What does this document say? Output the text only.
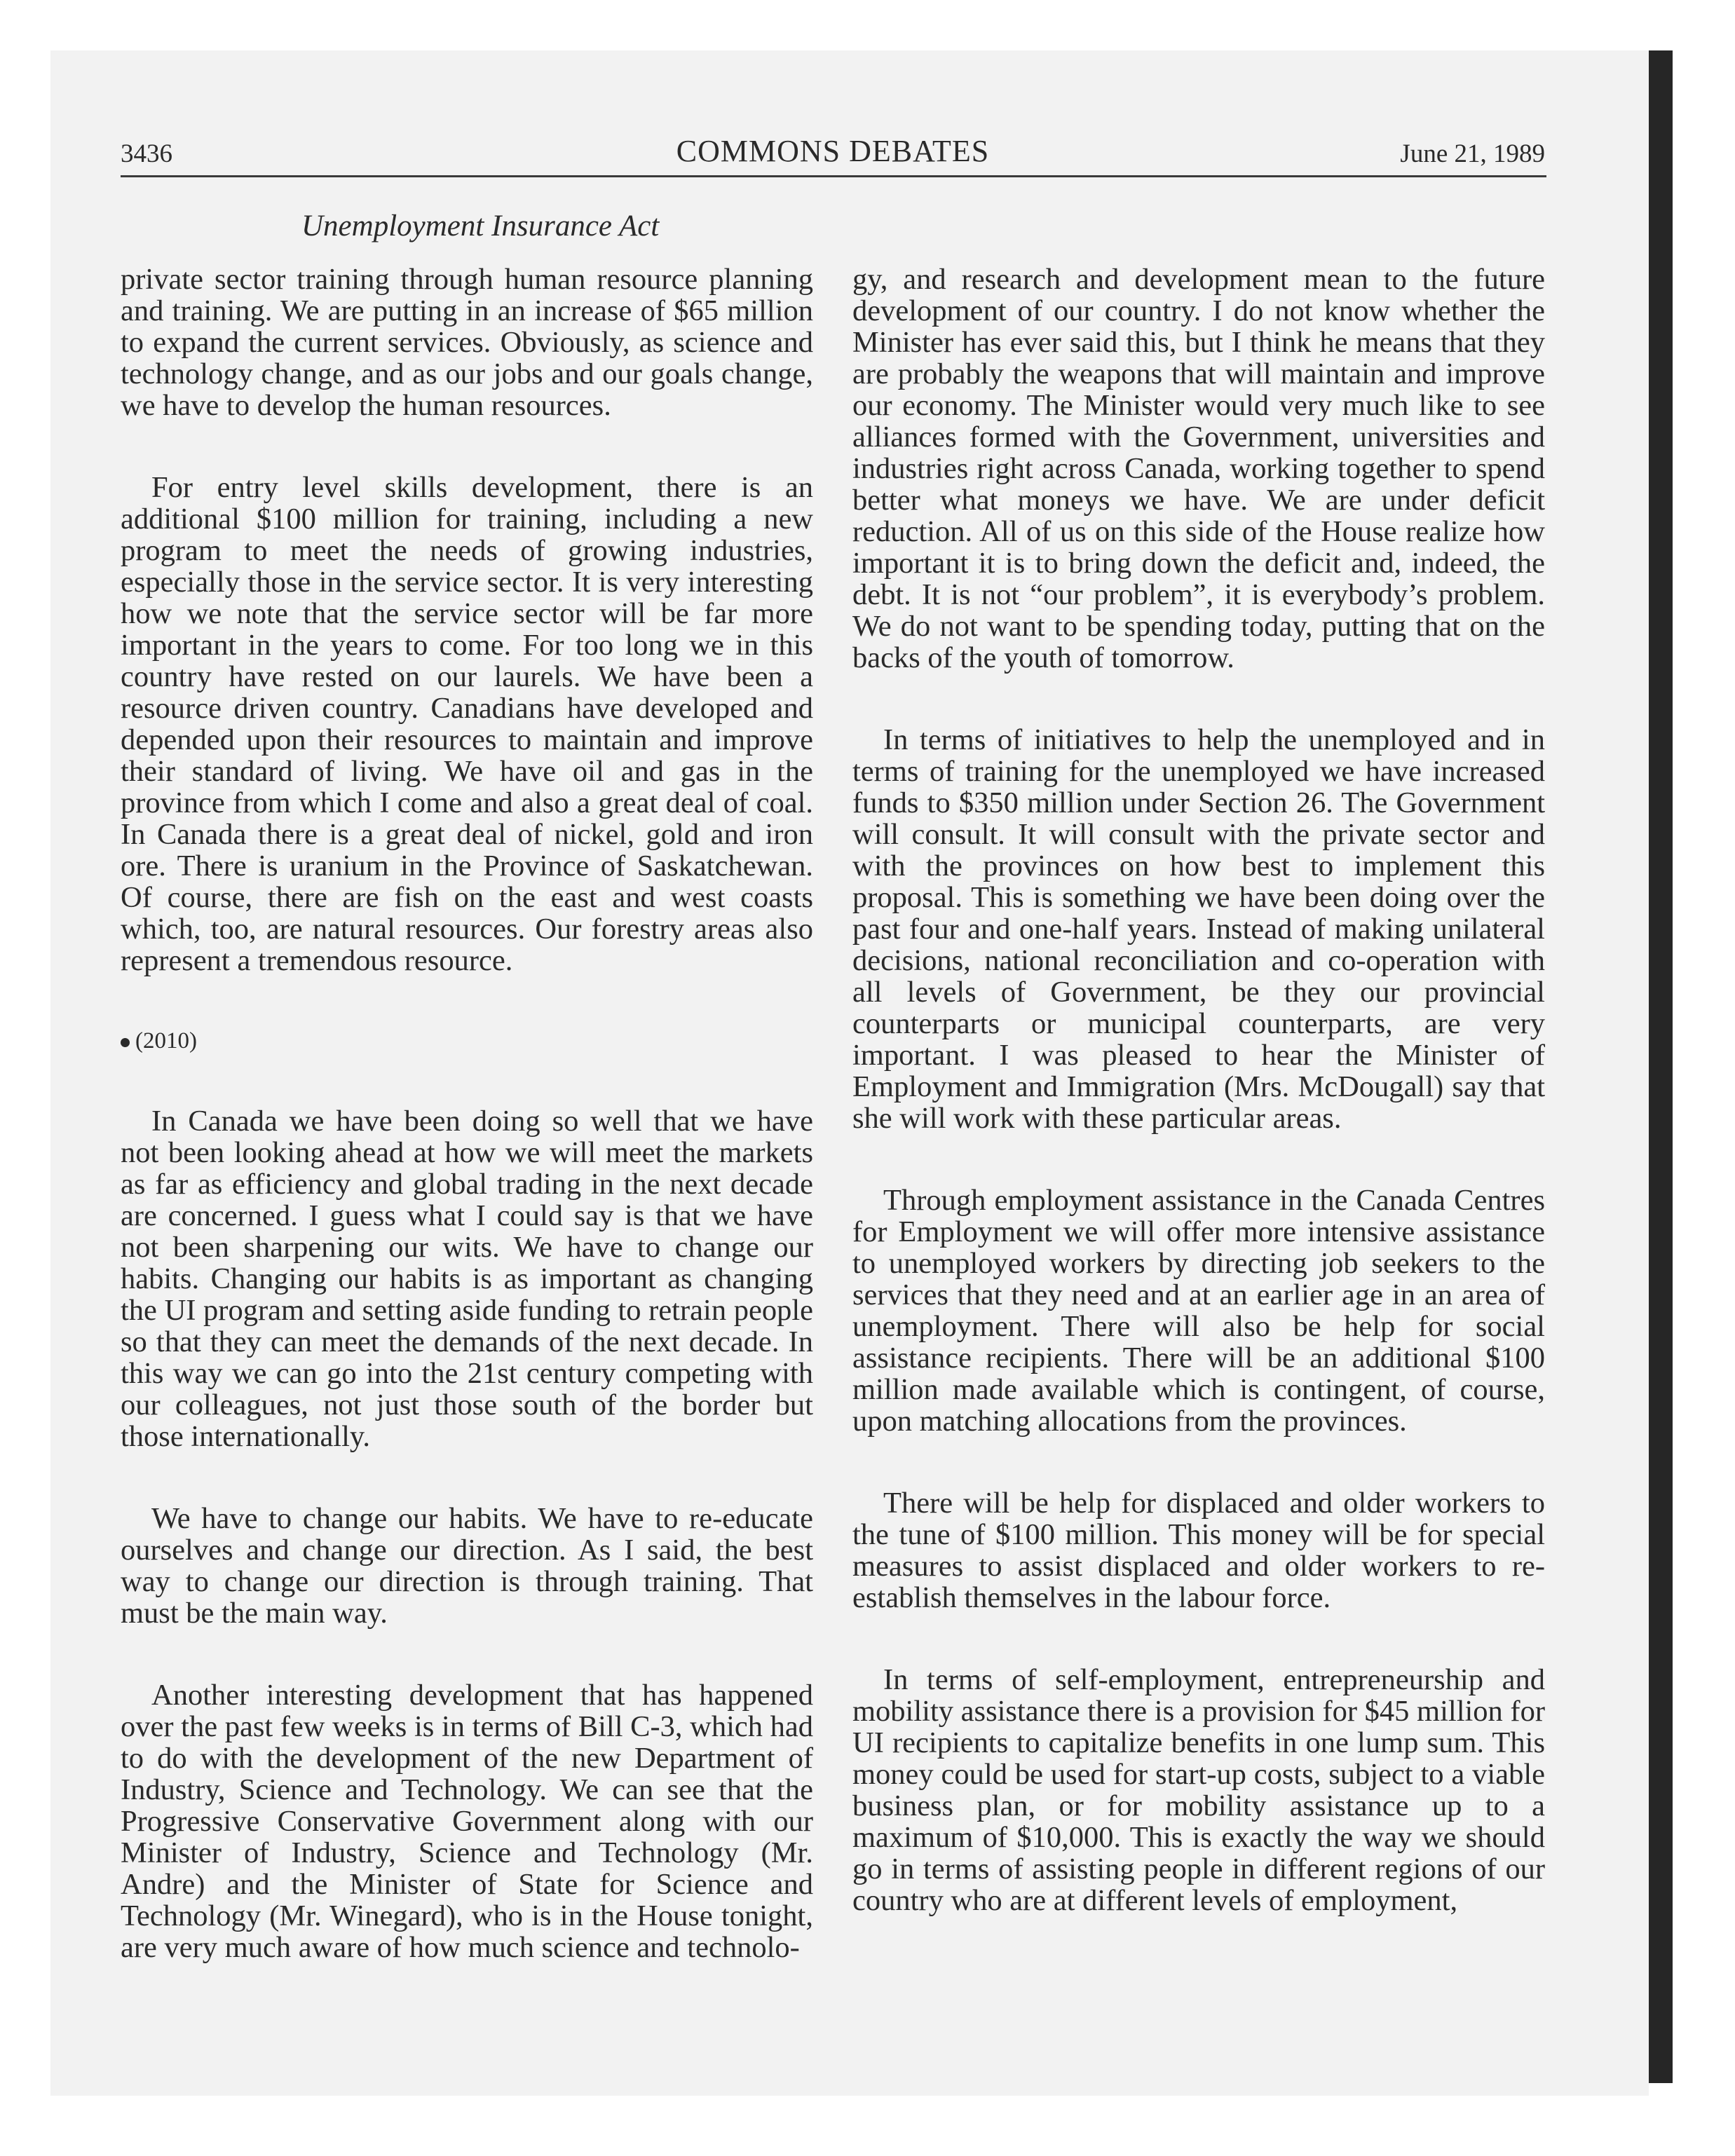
3436	COMMONS DEBATES	June 21, 1989
Unemployment Insurance Act

private sector training through human resource planning and training. We are putting in an increase of $65 million to expand the current services. Obviously, as science and technology change, and as our jobs and our goals change, we have to develop the human resources.

For entry level skills development, there is an additional $100 million for training, including a new program to meet the needs of growing industries, especially those in the service sector. It is very interesting how we note that the service sector will be far more important in the years to come. For too long we in this country have rested on our laurels. We have been a resource driven country. Canadians have developed and depended upon their resources to maintain and improve their standard of living. We have oil and gas in the province from which I come and also a great deal of coal. In Canada there is a great deal of nickel, gold and iron ore. There is uranium in the Province of Saskatchewan. Of course, there are fish on the east and west coasts which, too, are natural resources. Our forestry areas also represent a tremendous resource.

(2010)

In Canada we have been doing so well that we have not been looking ahead at how we will meet the markets as far as efficiency and global trading in the next decade are concerned. I guess what I could say is that we have not been sharpening our wits. We have to change our habits. Changing our habits is as important as changing the UI program and setting aside funding to retrain people so that they can meet the demands of the next decade. In this way we can go into the 21st century competing with our colleagues, not just those south of the border but those internationally.

We have to change our habits. We have to re-educate ourselves and change our direction. As I said, the best way to change our direction is through training. That must be the main way.

Another interesting development that has happened over the past few weeks is in terms of Bill C-3, which had to do with the development of the new Department of Industry, Science and Technology. We can see that the Progressive Conservative Government along with our Minister of Industry, Science and Technology (Mr. Andre) and the Minister of State for Science and Technology (Mr. Winegard), who is in the House tonight, are very much aware of how much science and technolo-

gy, and research and development mean to the future development of our country. I do not know whether the Minister has ever said this, but I think he means that they are probably the weapons that will maintain and improve our economy. The Minister would very much like to see alliances formed with the Government, universities and industries right across Canada, working together to spend better what moneys we have. We are under deficit reduction. All of us on this side of the House realize how important it is to bring down the deficit and, indeed, the debt. It is not “our problem”, it is everybody’s problem. We do not want to be spending today, putting that on the backs of the youth of tomorrow.

In terms of initiatives to help the unemployed and in terms of training for the unemployed we have increased funds to $350 million under Section 26. The Government will consult. It will consult with the private sector and with the provinces on how best to implement this proposal. This is something we have been doing over the past four and one-half years. Instead of making unilateral decisions, national reconciliation and co-operation with all levels of Government, be they our provincial counterparts or municipal counterparts, are very important. I was pleased to hear the Minister of Employment and Immigration (Mrs. McDougall) say that she will work with these particular areas.

Through employment assistance in the Canada Centres for Employment we will offer more intensive assistance to unemployed workers by directing job seekers to the services that they need and at an earlier age in an area of unemployment. There will also be help for social assistance recipients. There will be an additional $100 million made available which is contingent, of course, upon matching allocations from the provinces.

There will be help for displaced and older workers to the tune of $100 million. This money will be for special measures to assist displaced and older workers to re-establish themselves in the labour force.

In terms of self-employment, entrepreneurship and mobility assistance there is a provision for $45 million for UI recipients to capitalize benefits in one lump sum. This money could be used for start-up costs, subject to a viable business plan, or for mobility assistance up to a maximum of $10,000. This is exactly the way we should go in terms of assisting people in different regions of our country who are at different levels of employment,
